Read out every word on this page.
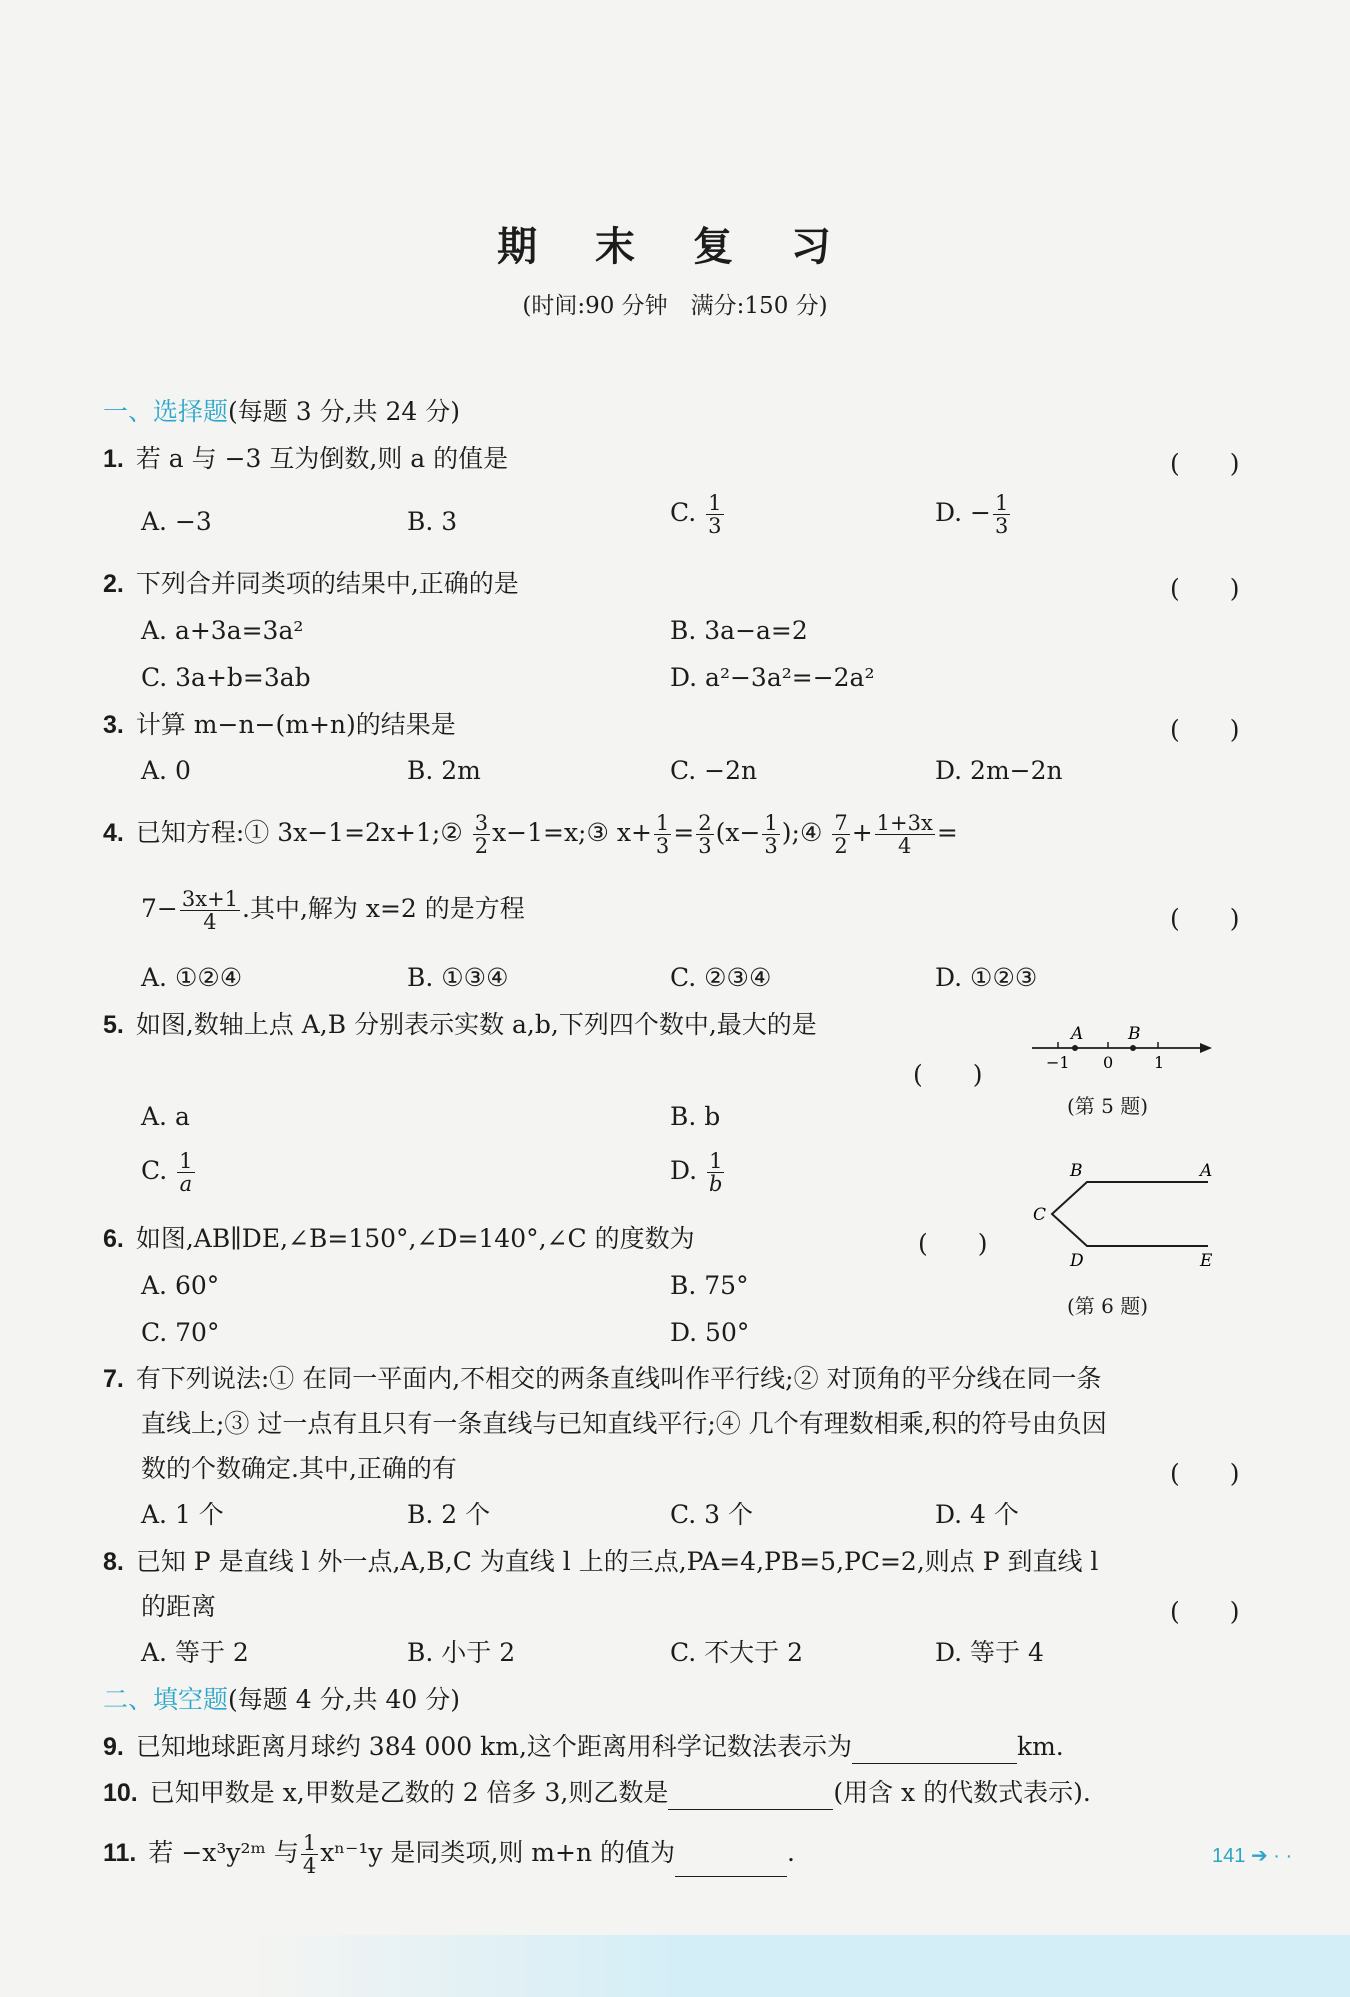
期 末 复 习
(时间:90 分钟　满分:150 分)
一、选择题(每题 3 分,共 24 分)
1. 若 a 与 −3 互为倒数,则 a 的值是	(　　)
A. −3	B. 3	C. $\frac{1}{3}$	D. − $\frac{1}{3}$
2. 下列合并同类项的结果中,正确的是	(　　)
A. a+3a=3a²	B. 3a−a=2
C. 3a+b=3ab	D. a²−3a²=−2a²
3. 计算 m−n−(m+n)的结果是	(　　)
A. 0	B. 2m	C. −2n	D. 2m−2n
4. 已知方程:① 3x−1=2x+1;② $\frac{3}{2}$ x−1=x;③ $x+ \frac{1}{3} = \frac{2}{3} (x- \frac{1}{3}$ );④ $\frac{7}{2} + \frac{1+3x}{4}$ =
$7- \frac{3x+1}{4}$ .其中,解为 x=2 的是方程	(　　)
A. ①②④	B. ①③④	C. ②③④	D. ①②③
5. 如图,数轴上点 A,B 分别表示实数 a,b,下列四个数中,最大的是
(　　)
A	B
−1 0	1
(第 5 题)
A. a	B. b
C. $\frac{1}{a}$	D. $\frac{1}{b}$	B	A
C
D	E
(第 6 题)
6. 如图,AB∥DE,∠B=150°,∠D=140°,∠C 的度数为	(　　)
A. 60°	B. 75°
C. 70°	D. 50°
7. 有下列说法:① 在同一平面内,不相交的两条直线叫作平行线;② 对顶角的平分线在同一条
直线上;③ 过一点有且只有一条直线与已知直线平行;④ 几个有理数相乘,积的符号由负因
数的个数确定.其中,正确的有	(　　)
A. 1 个	B. 2 个	C. 3 个	D. 4 个
8. 已知 P 是直线 l 外一点,A,B,C 为直线 l 上的三点,PA=4,PB=5,PC=2,则点 P 到直线 l
的距离	(　　)
A. 等于 2	B. 小于 2	C. 不大于 2	D. 等于 4
二、填空题(每题 4 分,共 40 分)
9. 已知地球距离月球约 384 000 km,这个距离用科学记数法表示为	km.
10. 已知甲数是 x,甲数是乙数的 2 倍多 3,则乙数是	(用含 x 的代数式表示).
11. 若 −x³y²ᵐ 与 $\frac{1}{4} x^{n-1}y$ 是同类项,则 m+n 的值为	.	141 ➔ · ·
